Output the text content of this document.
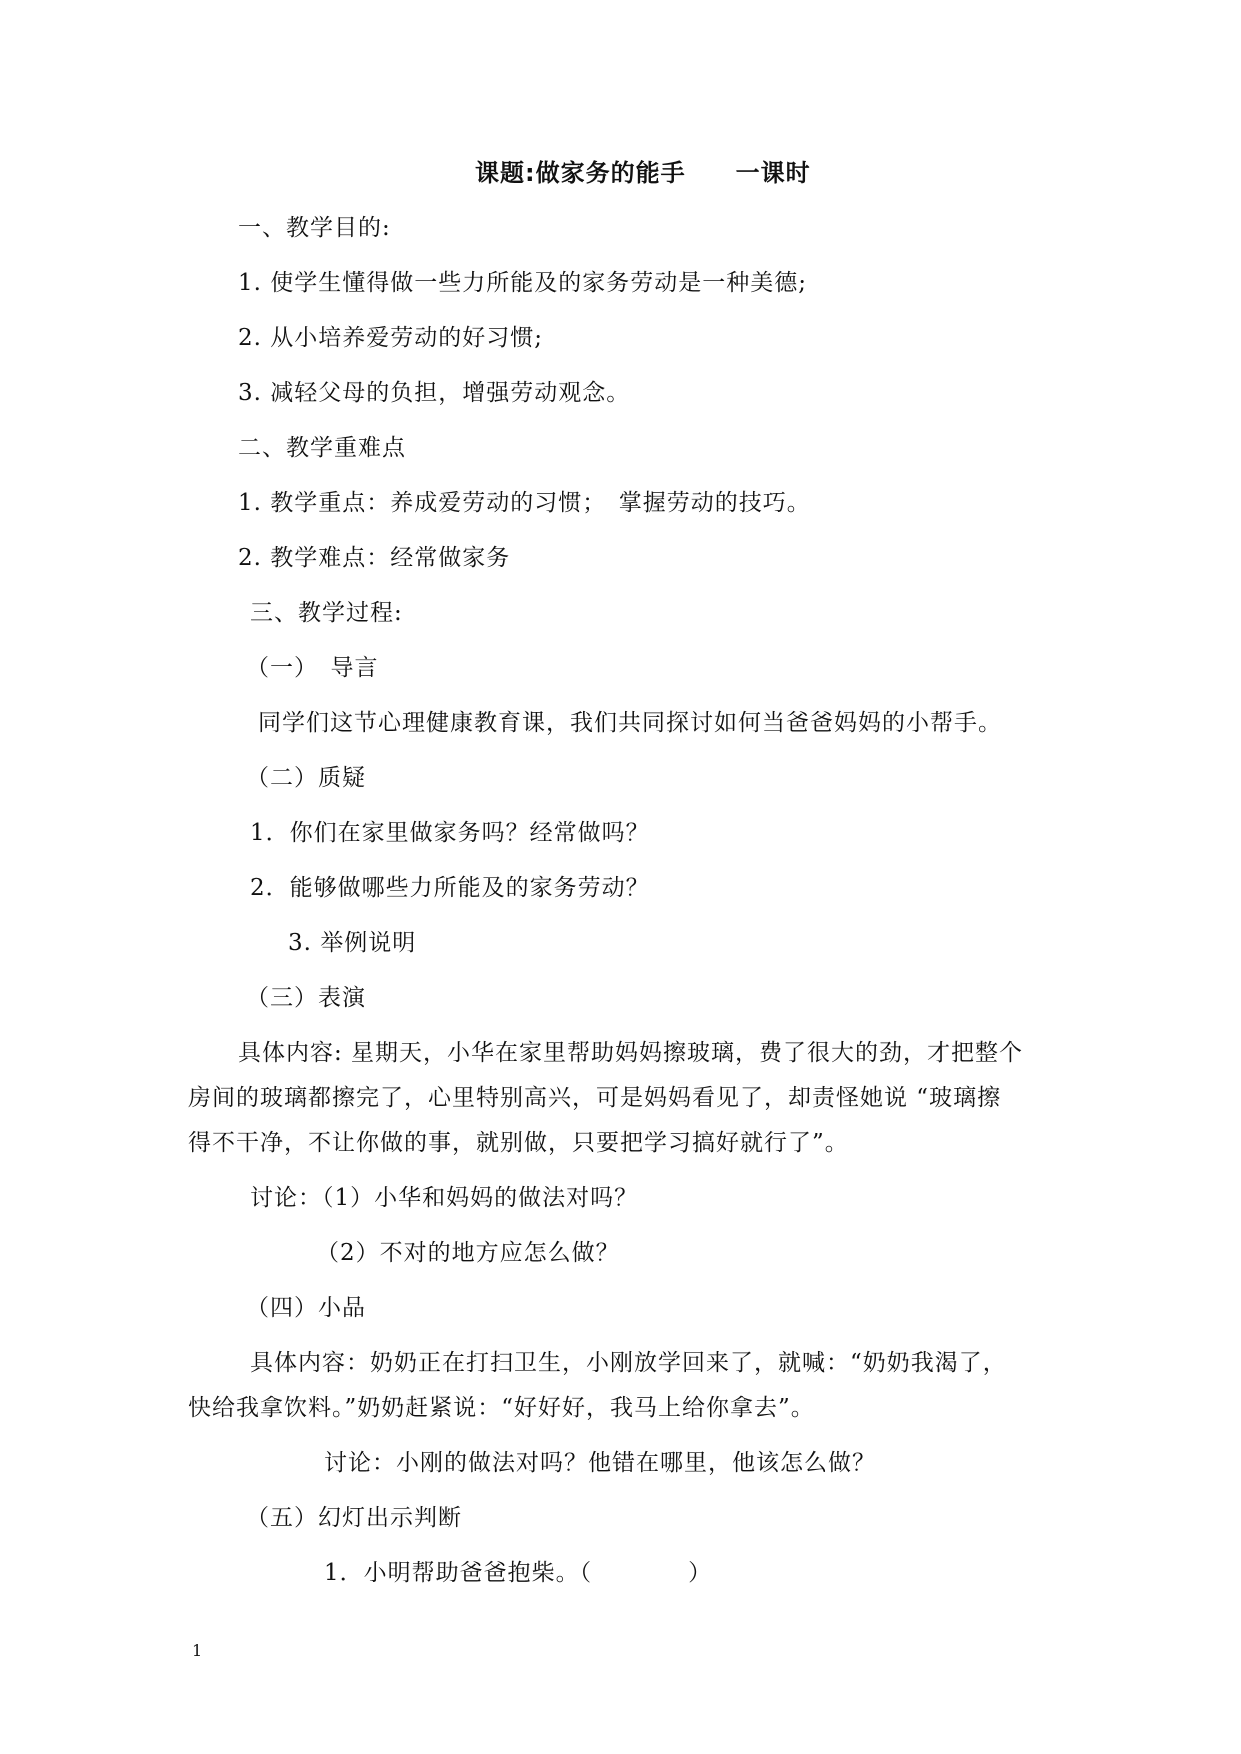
课题:做家务的能手　　一课时
一、教学目的:
1. 使学生懂得做一些力所能及的家务劳动是一种美德;
2. 从小培养爱劳动的好习惯;
3. 减轻父母的负担，增强劳动观念。
二、教学重难点
1. 教学重点：养成爱劳动的习惯；　掌握劳动的技巧。
2. 教学难点：经常做家务
三、教学过程:
（一）　导言
同学们这节心理健康教育课，我们共同探讨如何当爸爸妈妈的小帮手。
（二）质疑
1．你们在家里做家务吗？经常做吗？
2．能够做哪些力所能及的家务劳动？
3. 举例说明
（三）表演
具体内容: 星期天，小华在家里帮助妈妈擦玻璃，费了很大的劲，才把整个
房间的玻璃都擦完了，心里特别高兴，可是妈妈看见了，却责怪她说 “玻璃擦
得不干净，不让你做的事，就别做，只要把学习搞好就行了”。
讨论：（1）小华和妈妈的做法对吗？
（2）不对的地方应怎么做？
（四）小品
具体内容：奶奶正在打扫卫生，小刚放学回来了，就喊：“奶奶我渴了，
快给我拿饮料。”奶奶赶紧说：“好好好，我马上给你拿去”。
讨论：小刚的做法对吗？他错在哪里，他该怎么做？
（五）幻灯出示判断
1．小明帮助爸爸抱柴。（　　　　）
1
